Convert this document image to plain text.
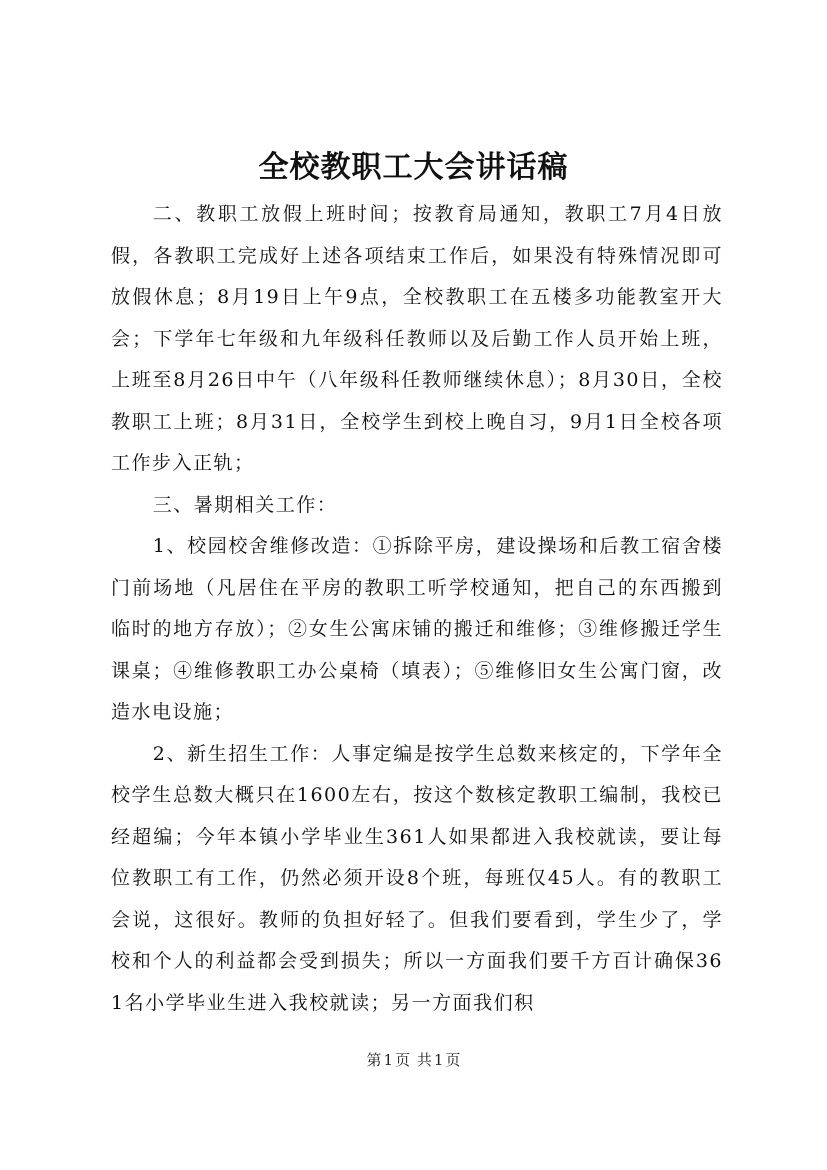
全校教职工大会讲话稿

二、教职工放假上班时间；按教育局通知，教职工7月4日放假，各教职工完成好上述各项结束工作后，如果没有特殊情况即可放假休息；8月19日上午9点，全校教职工在五楼多功能教室开大会；下学年七年级和九年级科任教师以及后勤工作人员开始上班，上班至8月26日中午（八年级科任教师继续休息）；8月30日，全校教职工上班；8月31日，全校学生到校上晚自习，9月1日全校各项工作步入正轨；

三、暑期相关工作：

1、校园校舍维修改造：①拆除平房，建设操场和后教工宿舍楼门前场地（凡居住在平房的教职工听学校通知，把自己的东西搬到临时的地方存放）；②女生公寓床铺的搬迁和维修；③维修搬迁学生课桌；④维修教职工办公桌椅（填表）；⑤维修旧女生公寓门窗，改造水电设施；

2、新生招生工作：人事定编是按学生总数来核定的，下学年全校学生总数大概只在1600左右，按这个数核定教职工编制，我校已经超编；今年本镇小学毕业生361人如果都进入我校就读，要让每位教职工有工作，仍然必须开设8个班，每班仅45人。有的教职工会说，这很好。教师的负担好轻了。但我们要看到，学生少了，学校和个人的利益都会受到损失；所以一方面我们要千方百计确保361名小学毕业生进入我校就读；另一方面我们积

第 1 页 共 1 页
